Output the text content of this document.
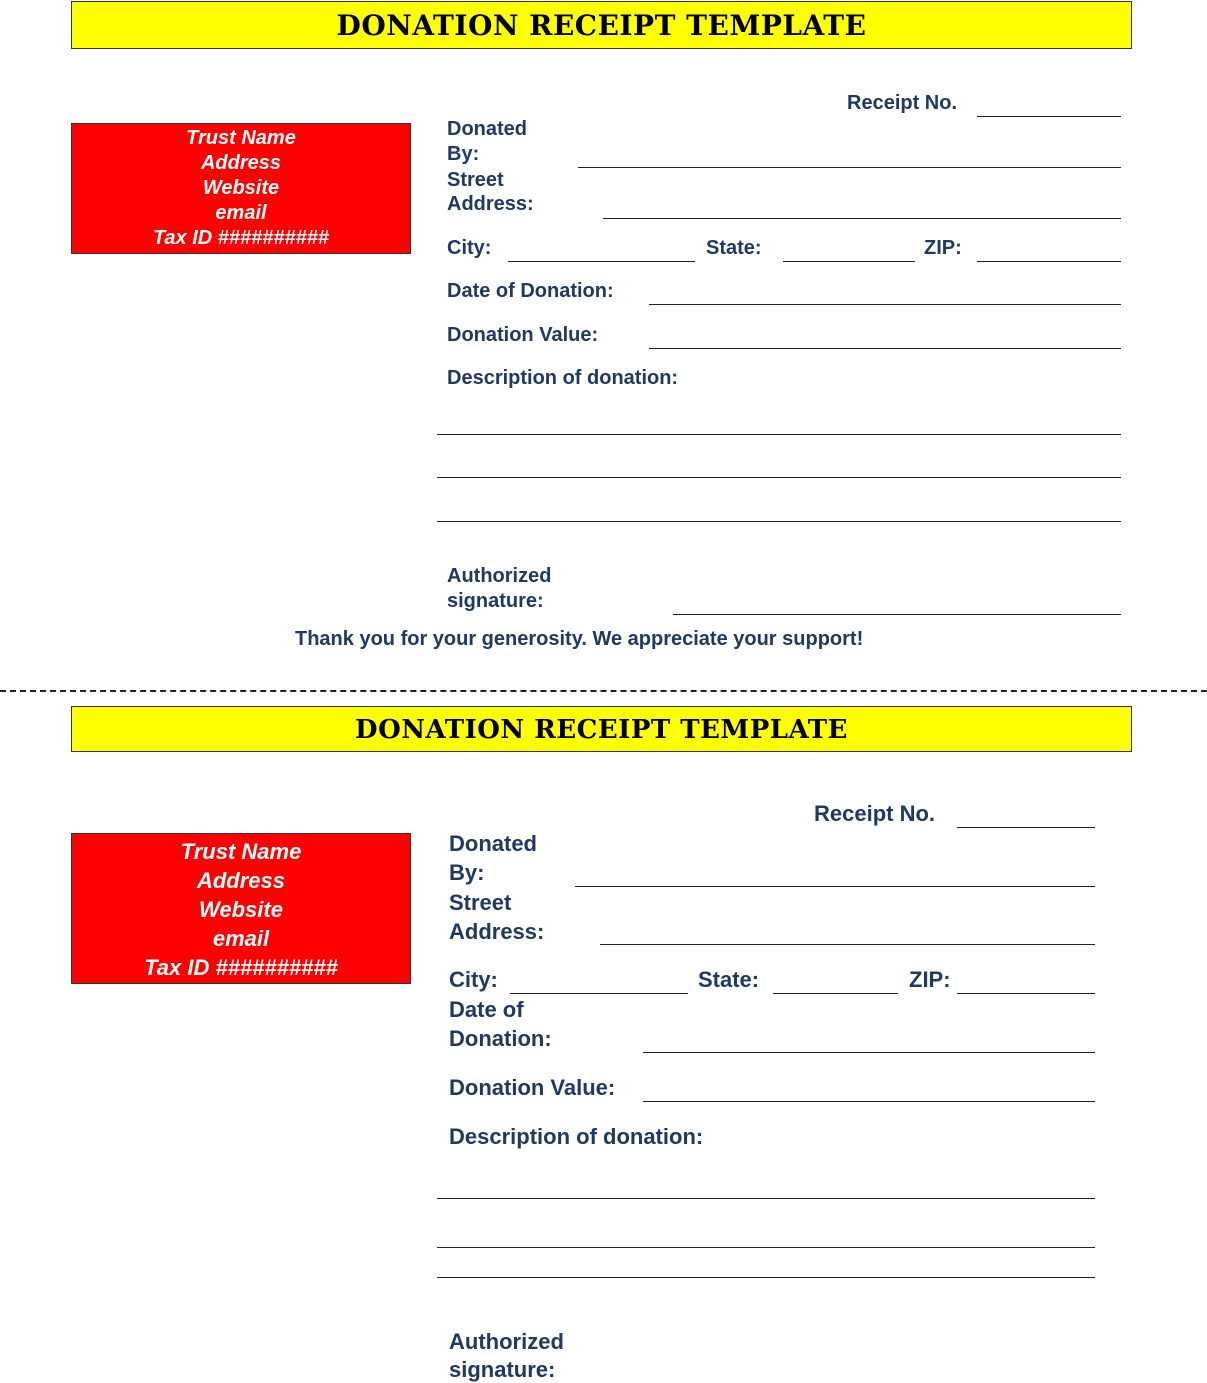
DONATION RECEIPT TEMPLATE
Trust Name
Address
Website
email
Tax ID ##########
Receipt No.
Donated
By:
Street
Address:
City:	State:	ZIP:
Date of Donation:
Donation Value:
Description of donation:
Authorized
signature:
Thank you for your generosity. We appreciate your support!
DONATION RECEIPT TEMPLATE
Trust Name
Address
Website
email
Tax ID ##########
Receipt No.
Donated
By:
Street
Address:
City:	State:	ZIP:
Date of
Donation:
Donation Value:
Description of donation:
Authorized
signature:
